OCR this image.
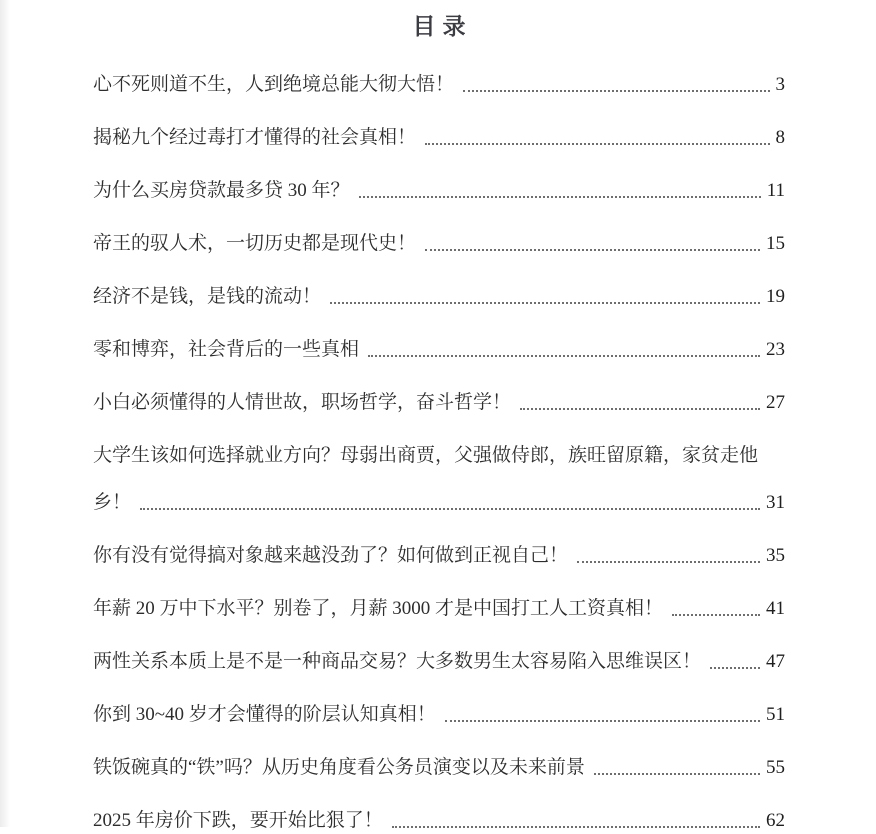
目录
心不死则道不生，人到绝境总能大彻大悟！	3
揭秘九个经过毒打才懂得的社会真相！	8
为什么买房贷款最多贷 30 年？	11
帝王的驭人术，一切历史都是现代史！	15
经济不是钱，是钱的流动！	19
零和博弈，社会背后的一些真相	23
小白必须懂得的人情世故，职场哲学，奋斗哲学！	27
大学生该如何选择就业方向？母弱出商贾，父强做侍郎，族旺留原籍，家贫走他
乡！	31
你有没有觉得搞对象越来越没劲了？如何做到正视自己！	35
年薪 20 万中下水平？别卷了，月薪 3000 才是中国打工人工资真相！	41
两性关系本质上是不是一种商品交易？大多数男生太容易陷入思维误区！	47
你到 30~40 岁才会懂得的阶层认知真相！	51
铁饭碗真的“铁”吗？从历史角度看公务员演变以及未来前景	55
2025 年房价下跌，要开始比狠了！	62
